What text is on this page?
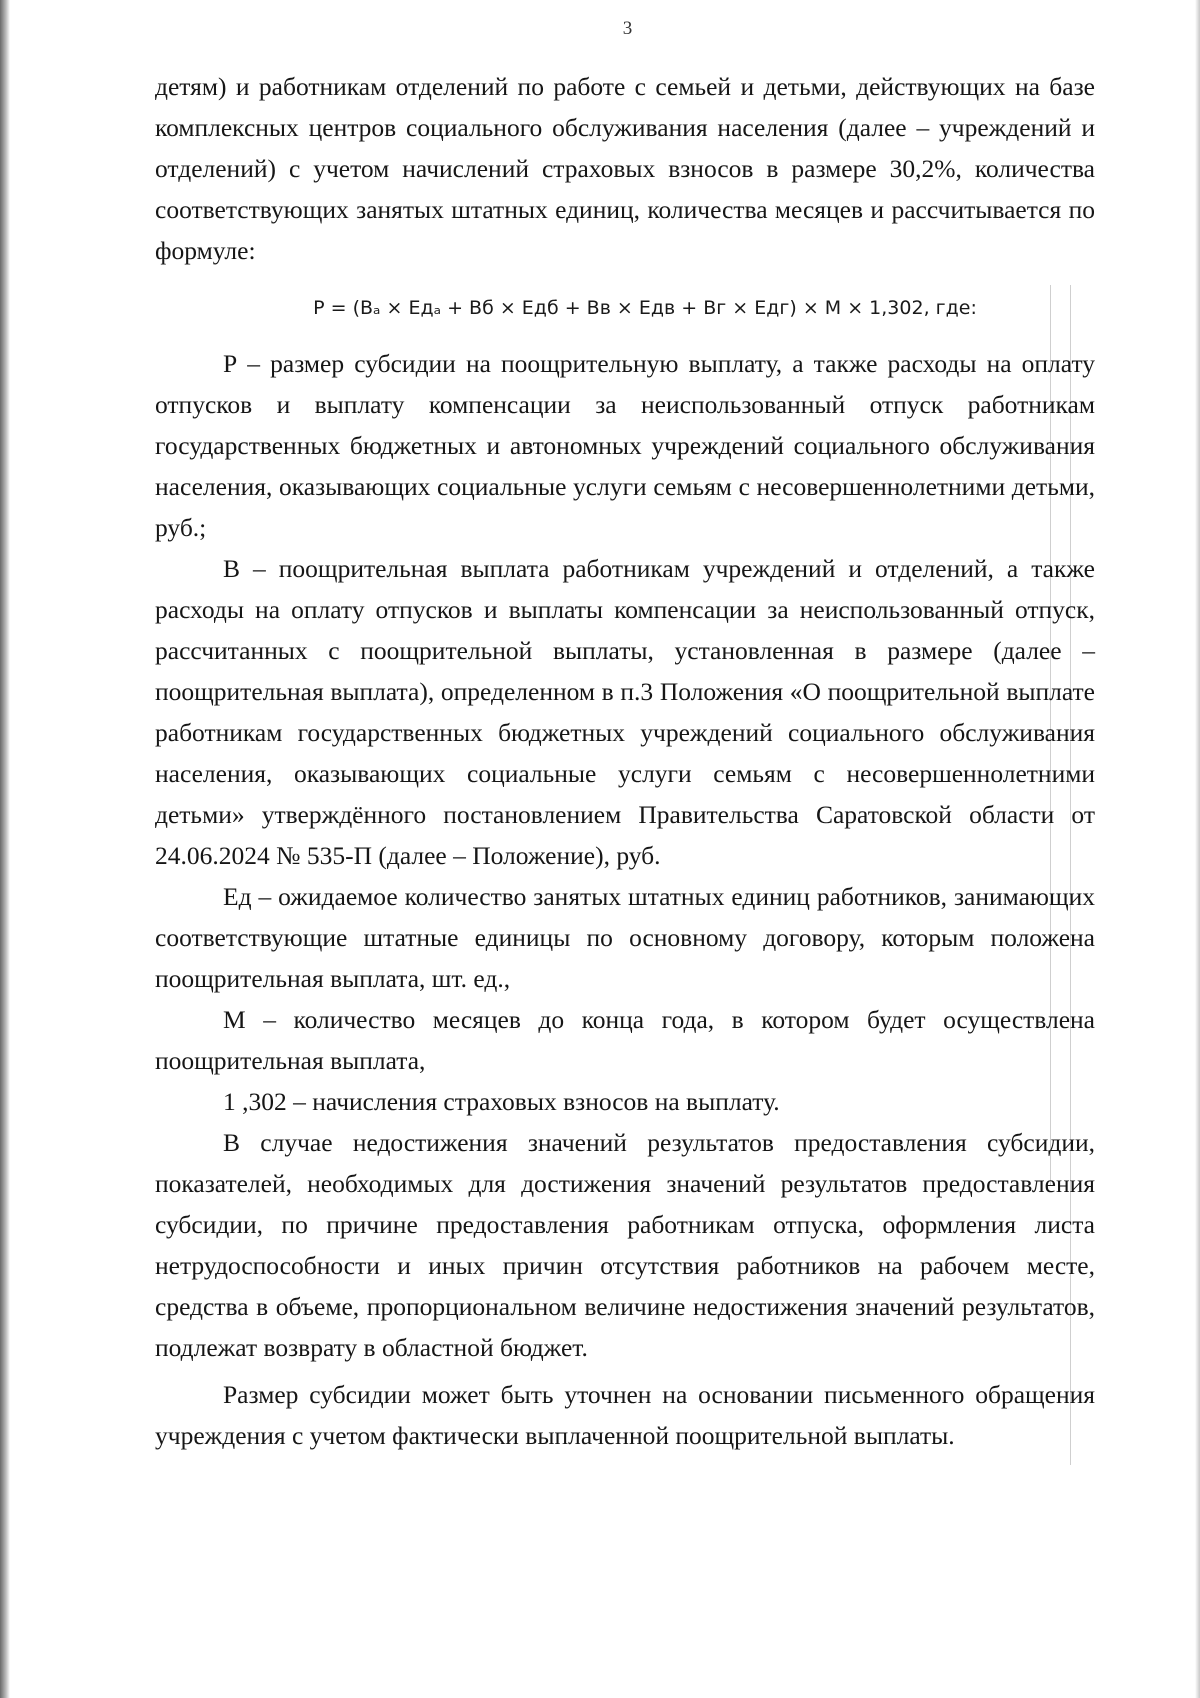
3

детям) и работникам отделений по работе с семьей и детьми, действующих на базе комплексных центров социального обслуживания населения (далее – учреждений и отделений) с учетом начислений страховых взносов в размере 30,2%, количества соответствующих занятых штатных единиц, количества месяцев и рассчитывается по формуле:

P = (Bₐ × Едₐ + Bб × Едб + Bв × Едв + Bг × Едг) × M × 1,302, где:

Р – размер субсидии на поощрительную выплату, а также расходы на оплату отпусков и выплату компенсации за неиспользованный отпуск работникам государственных бюджетных и автономных учреждений социального обслуживания населения, оказывающих социальные услуги семьям с несовершеннолетними детьми, руб.;

В – поощрительная выплата работникам учреждений и отделений, а также расходы на оплату отпусков и выплаты компенсации за неиспользованный отпуск, рассчитанных с поощрительной выплаты, установленная в размере (далее – поощрительная выплата), определенном в п.3 Положения «О поощрительной выплате работникам государственных бюджетных учреждений социального обслуживания населения, оказывающих социальные услуги семьям с несовершеннолетними детьми» утверждённого постановлением Правительства Саратовской области от 24.06.2024 № 535-П (далее – Положение), руб.

Ед – ожидаемое количество занятых штатных единиц работников, занимающих соответствующие штатные единицы по основному договору, которым положена поощрительная выплата, шт. ед.,

М – количество месяцев до конца года, в котором будет осуществлена поощрительная выплата,

1 ,302 – начисления страховых взносов на выплату.

В случае недостижения значений результатов предоставления субсидии, показателей, необходимых для достижения значений результатов предоставления субсидии, по причине предоставления работникам отпуска, оформления листа нетрудоспособности и иных причин отсутствия работников на рабочем месте, средства в объеме, пропорциональном величине недостижения значений результатов, подлежат возврату в областной бюджет.

Размер субсидии может быть уточнен на основании письменного обращения учреждения с учетом фактически выплаченной поощрительной выплаты.
